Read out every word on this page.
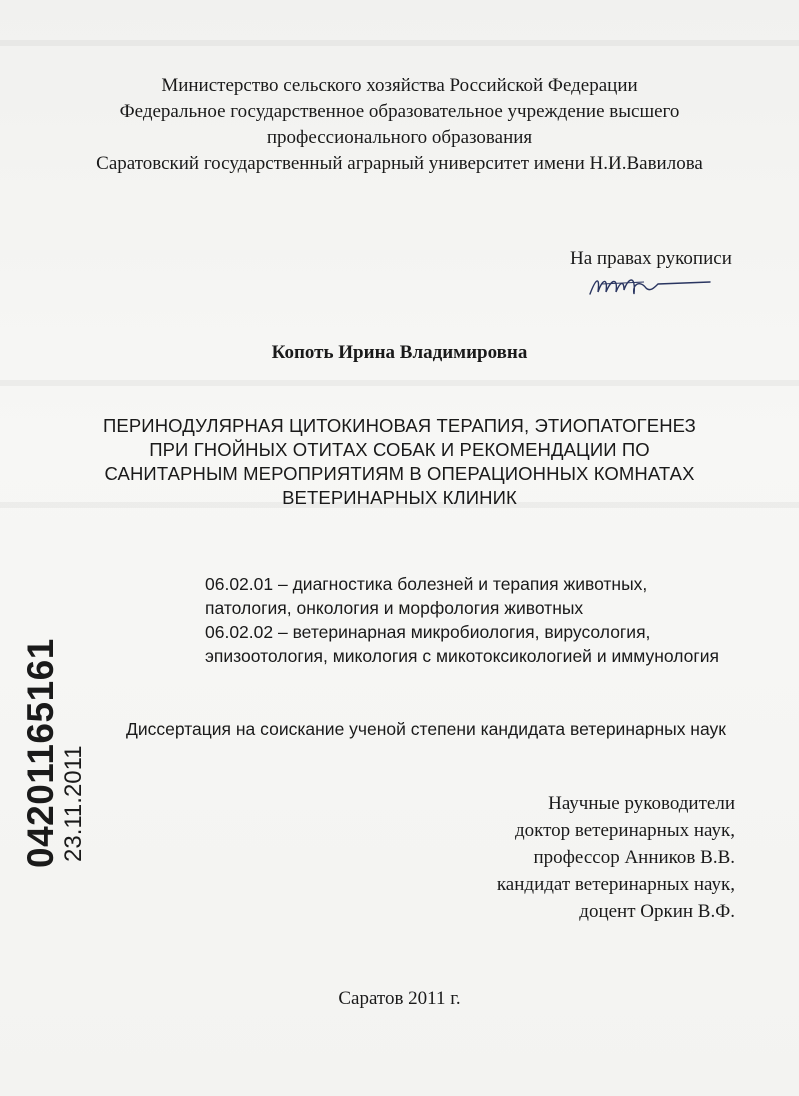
Министерство сельского хозяйства Российской Федерации
Федеральное государственное образовательное учреждение высшего
профессионального образования
Саратовский государственный аграрный университет имени Н.И.Вавилова
На правах рукописи
Копоть Ирина Владимировна
ПЕРИНОДУЛЯРНАЯ ЦИТОКИНОВАЯ ТЕРАПИЯ, ЭТИОПАТОГЕНЕЗ
ПРИ ГНОЙНЫХ ОТИТАХ СОБАК И РЕКОМЕНДАЦИИ ПО
САНИТАРНЫМ МЕРОПРИЯТИЯМ В ОПЕРАЦИОННЫХ КОМНАТАХ
ВЕТЕРИНАРНЫХ КЛИНИК
06.02.01 – диагностика болезней и терапия животных,
патология, онкология и морфология животных
06.02.02 – ветеринарная микробиология, вирусология,
эпизоотология, микология с микотоксикологией и иммунология
Диссертация на соискание ученой степени кандидата ветеринарных наук
Научные руководители
доктор ветеринарных наук,
профессор Анников В.В.
кандидат ветеринарных наук,
доцент Оркин В.Ф.
Саратов 2011 г.
04201165161 23.11.2011
